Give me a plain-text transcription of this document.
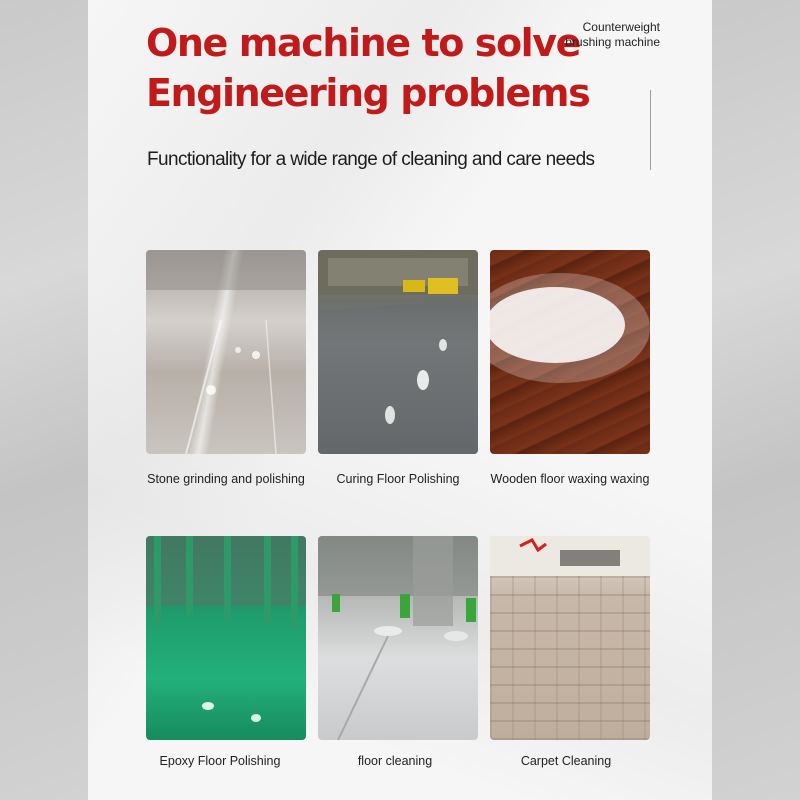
One machine to solve
Engineering problems
Counterweight
brushing machine
Functionality for a wide range of cleaning and care needs
Stone grinding and polishing	Curing Floor Polishing	Wooden floor waxing waxing
Epoxy Floor Polishing	floor cleaning	Carpet Cleaning
